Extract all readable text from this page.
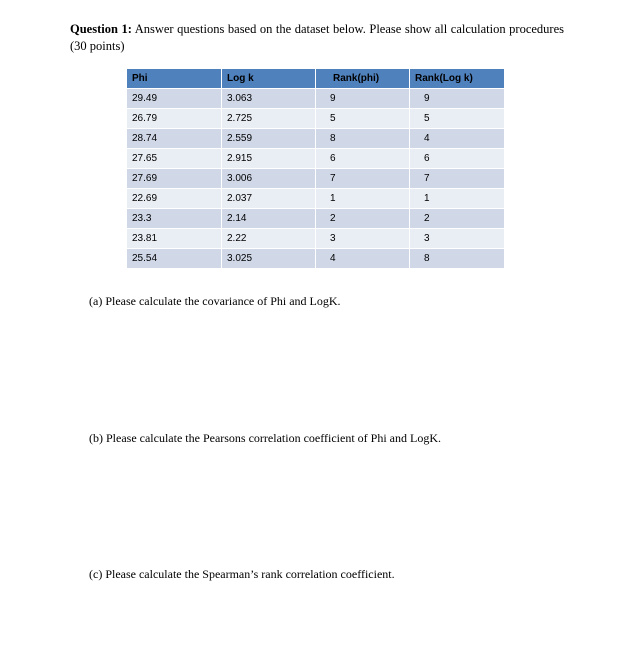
Question 1: Answer questions based on the dataset below. Please show all calculation procedures (30 points)
Phi	Log k	Rank(phi)	Rank(Log k)
29.49	3.063	9	9
26.79	2.725	5	5
28.74	2.559	8	4
27.65	2.915	6	6
27.69	3.006	7	7
22.69	2.037	1	1
23.3	2.14	2	2
23.81	2.22	3	3
25.54	3.025	4	8
(a) Please calculate the covariance of Phi and LogK.
(b) Please calculate the Pearsons correlation coefficient of Phi and LogK.
(c) Please calculate the Spearman’s rank correlation coefficient.
